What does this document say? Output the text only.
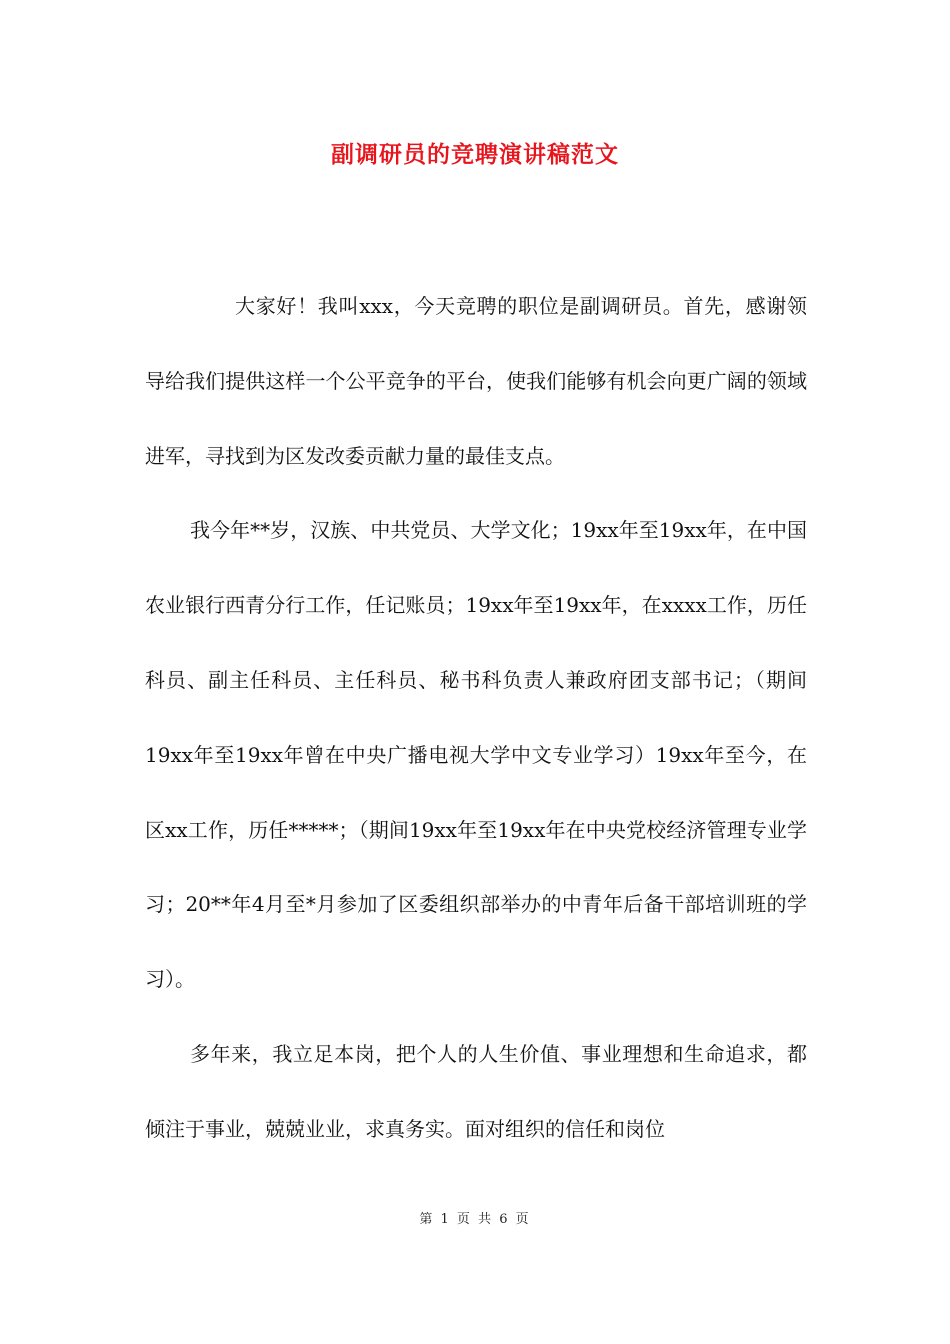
副调研员的竞聘演讲稿范文

大家好！我叫xxx，今天竞聘的职位是副调研员。首先，感谢领导给我们提供这样一个公平竞争的平台，使我们能够有机会向更广阔的领域进军，寻找到为区发改委贡献力量的最佳支点。

我今年**岁，汉族、中共党员、大学文化；19xx年至19xx年，在中国农业银行西青分行工作，任记账员；19xx年至19xx年，在xxxx工作，历任科员、副主任科员、主任科员、秘书科负责人兼政府团支部书记；（期间19xx年至19xx年曾在中央广播电视大学中文专业学习）19xx年至今，在区xx工作，历任*****；（期间19xx年至19xx年在中央党校经济管理专业学习；20**年4月至*月参加了区委组织部举办的中青年后备干部培训班的学习）。

多年来，我立足本岗，把个人的人生价值、事业理想和生命追求，都倾注于事业，兢兢业业，求真务实。面对组织的信任和岗位

第 1 页 共 6 页
